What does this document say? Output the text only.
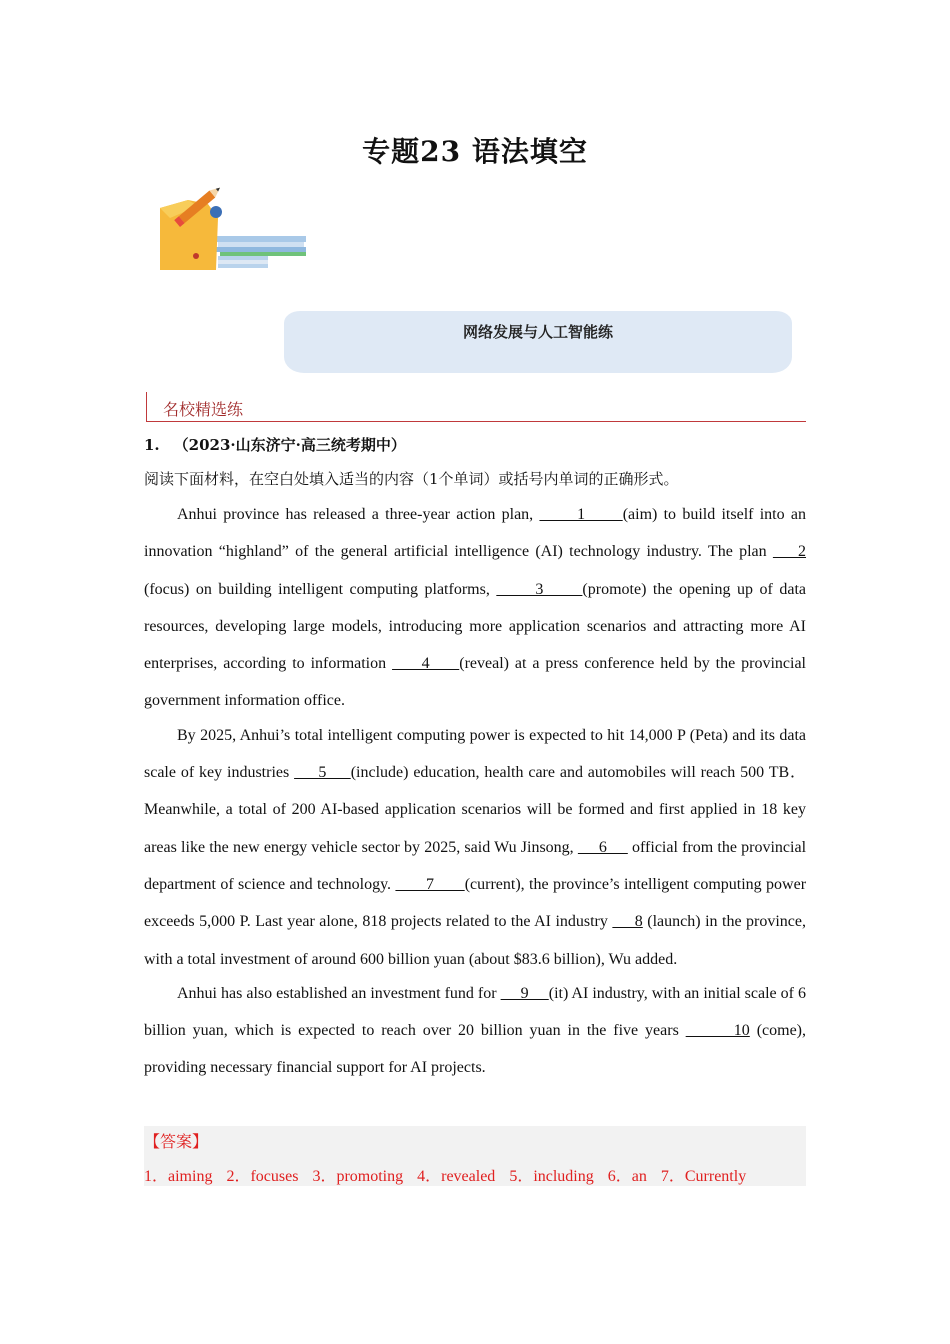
专题23 语法填空
网络发展与人工智能练
名校精选练
1. （2023·山东济宁·高三统考期中）
阅读下面材料，在空白处填入适当的内容（1个单词）或括号内单词的正确形式。

Anhui province has released a three-year action plan,       1      (aim) to build itself into an innovation “highland” of the general artificial intelligence (AI) technology industry. The plan     2 (focus) on building intelligent computing platforms,       3      (promote) the opening up of data resources, developing large models, introducing more application scenarios and attracting more AI enterprises, according to information      4     (reveal) at a press conference held by the provincial government information office.

By 2025, Anhui’s total intelligent computing power is expected to hit 14,000 P (Peta) and its data scale of key industries      5     (include) education, health care and automobiles will reach 500 TB．Meanwhile, a total of 200 AI-based application scenarios will be formed and first applied in 18 key areas like the new energy vehicle sector by 2025, said Wu Jinsong,      6      official from the provincial department of science and technology.        7       (current), the province’s intelligent computing power exceeds 5,000 P. Last year alone, 818 projects related to the AI industry      8 (launch) in the province, with a total investment of around 600 billion yuan (about $83.6 billion), Wu added.

Anhui has also established an investment fund for      9     (it) AI industry, with an initial scale of 6 billion yuan, which is expected to reach over 20 billion yuan in the five years        10 (come), providing necessary financial support for AI projects.

【答案】
1．aiming 2．focuses 3．promoting 4．revealed 5．including 6．an 7．Currently
